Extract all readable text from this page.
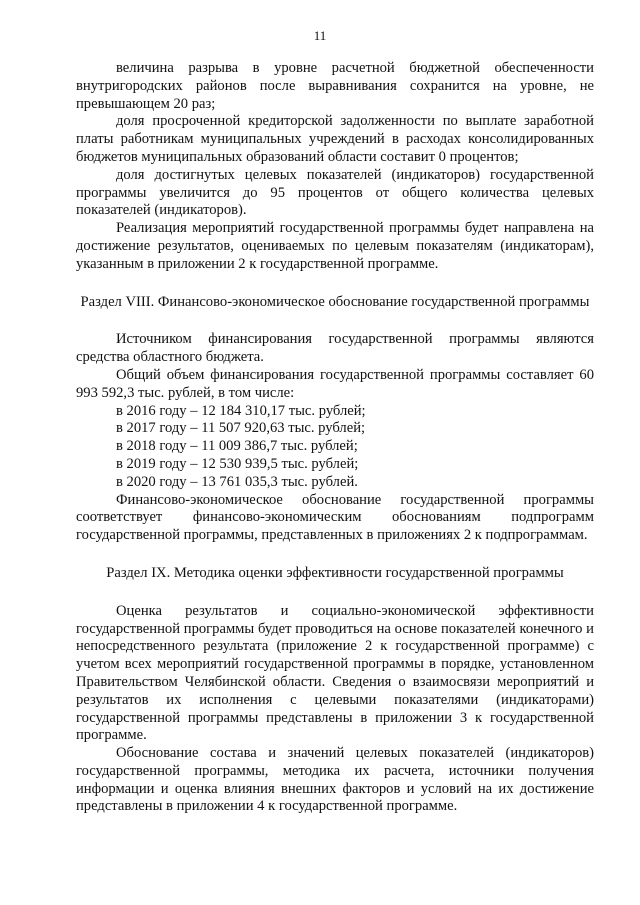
11

величина разрыва в уровне расчетной бюджетной обеспеченности внутригородских районов после выравнивания сохранится на уровне, не превышающем 20 раз;

доля просроченной кредиторской задолженности по выплате заработной платы работникам муниципальных учреждений в расходах консолидированных бюджетов муниципальных образований области составит 0 процентов;

доля достигнутых целевых показателей (индикаторов) государственной программы увеличится до 95 процентов от общего количества целевых показателей (индикаторов).

Реализация мероприятий государственной программы будет направлена на достижение результатов, оцениваемых по целевым показателям (индикаторам), указанным в приложении 2 к государственной программе.

Раздел VIII. Финансово-экономическое обоснование государственной программы

Источником финансирования государственной программы являются средства областного бюджета.

Общий объем финансирования государственной программы составляет 60 993 592,3 тыс. рублей, в том числе:

в 2016 году – 12 184 310,17 тыс. рублей;

в 2017 году – 11 507 920,63 тыс. рублей;

в 2018 году – 11 009 386,7 тыс. рублей;

в 2019 году – 12 530 939,5 тыс. рублей;

в 2020 году – 13 761 035,3 тыс. рублей.

Финансово-экономическое обоснование государственной программы соответствует финансово-экономическим обоснованиям подпрограмм государственной программы, представленных в приложениях 2 к подпрограммам.

Раздел IX. Методика оценки эффективности государственной программы

Оценка результатов и социально-экономической эффективности государственной программы будет проводиться на основе показателей конечного и непосредственного результата (приложение 2 к государственной программе) с учетом всех мероприятий государственной программы в порядке, установленном Правительством Челябинской области. Сведения о взаимосвязи мероприятий и результатов их исполнения с целевыми показателями (индикаторами) государственной программы представлены в приложении 3 к государственной программе.

Обоснование состава и значений целевых показателей (индикаторов) государственной программы, методика их расчета, источники получения информации и оценка влияния внешних факторов и условий на их достижение представлены в приложении 4 к государственной программе.
